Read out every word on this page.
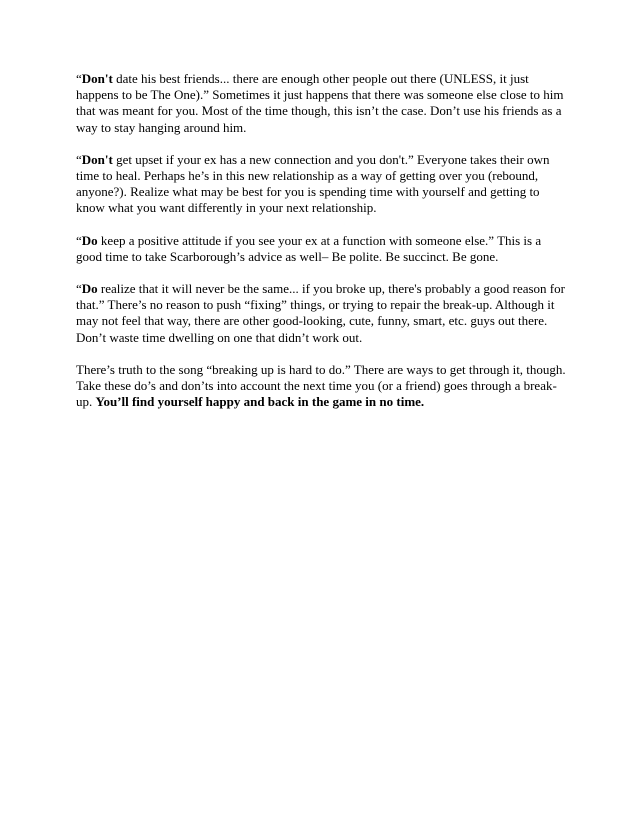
“Don't date his best friends... there are enough other people out there (UNLESS, it just happens to be The One).” Sometimes it just happens that there was someone else close to him that was meant for you. Most of the time though, this isn’t the case. Don’t use his friends as a way to stay hanging around him.

“Don't get upset if your ex has a new connection and you don't.” Everyone takes their own time to heal. Perhaps he’s in this new relationship as a way of getting over you (rebound, anyone?). Realize what may be best for you is spending time with yourself and getting to know what you want differently in your next relationship.

“Do keep a positive attitude if you see your ex at a function with someone else.” This is a good time to take Scarborough’s advice as well– Be polite. Be succinct. Be gone.

“Do realize that it will never be the same... if you broke up, there's probably a good reason for that.” There’s no reason to push “fixing” things, or trying to repair the break-up. Although it may not feel that way, there are other good-looking, cute, funny, smart, etc. guys out there. Don’t waste time dwelling on one that didn’t work out.

There’s truth to the song “breaking up is hard to do.” There are ways to get through it, though. Take these do’s and don’ts into account the next time you (or a friend) goes through a break-up. You’ll find yourself happy and back in the game in no time.
